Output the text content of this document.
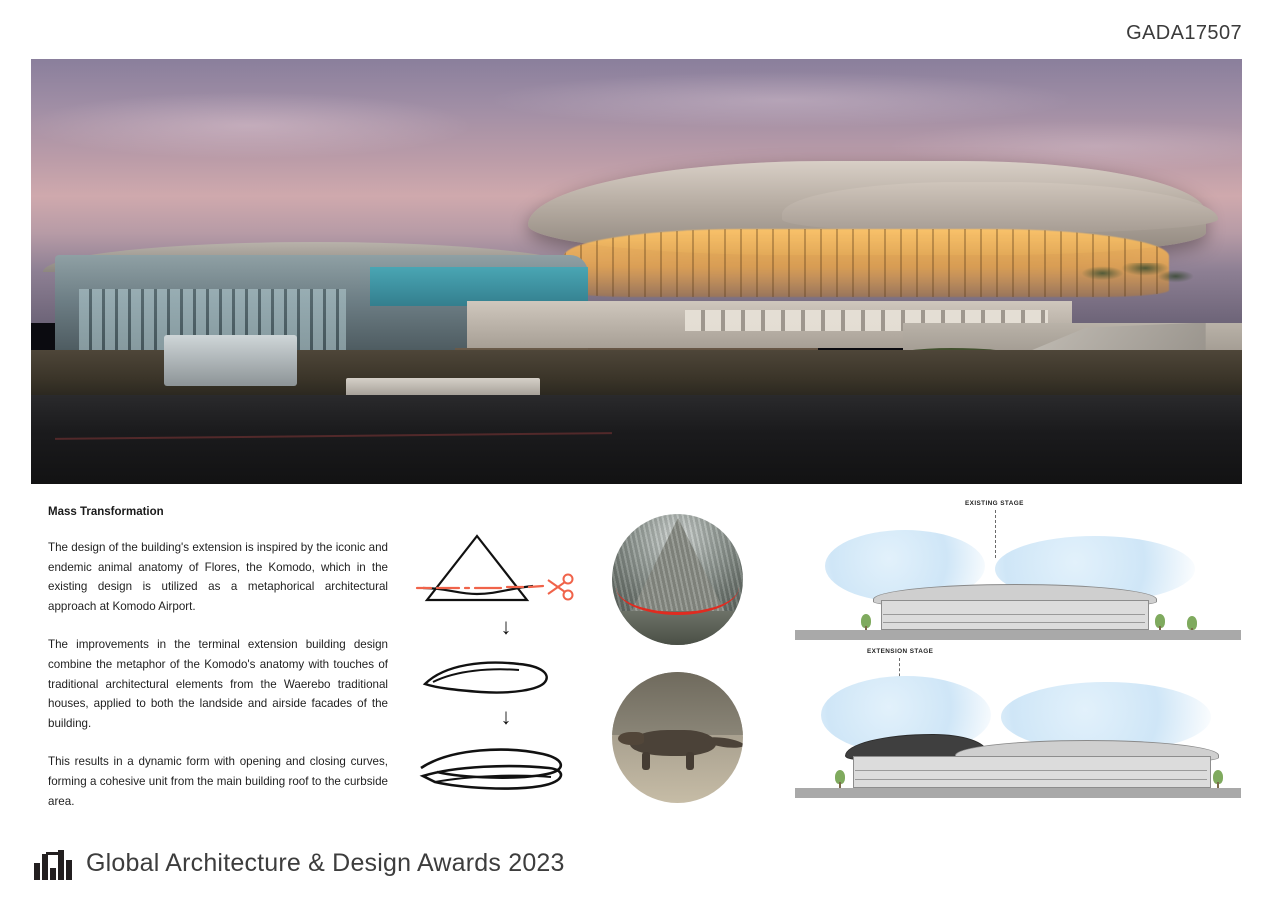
GADA17507
Mass Transformation

The design of the building's extension is inspired by the iconic and endemic animal anatomy of Flores, the Komodo, which in the existing design is utilized as a metaphorical architectural approach at Komodo Airport.

The improvements in the terminal extension building design combine the metaphor of the Komodo's anatomy with touches of traditional architectural elements from the Waerebo traditional houses, applied to both the landside and airside facades of the building.

This results in a dynamic form with opening and closing curves, forming a cohesive unit from the main building roof to the curbside area.

↓
↓
EXISTING STAGE
EXTENSION STAGE
Global Architecture & Design Awards 2023
